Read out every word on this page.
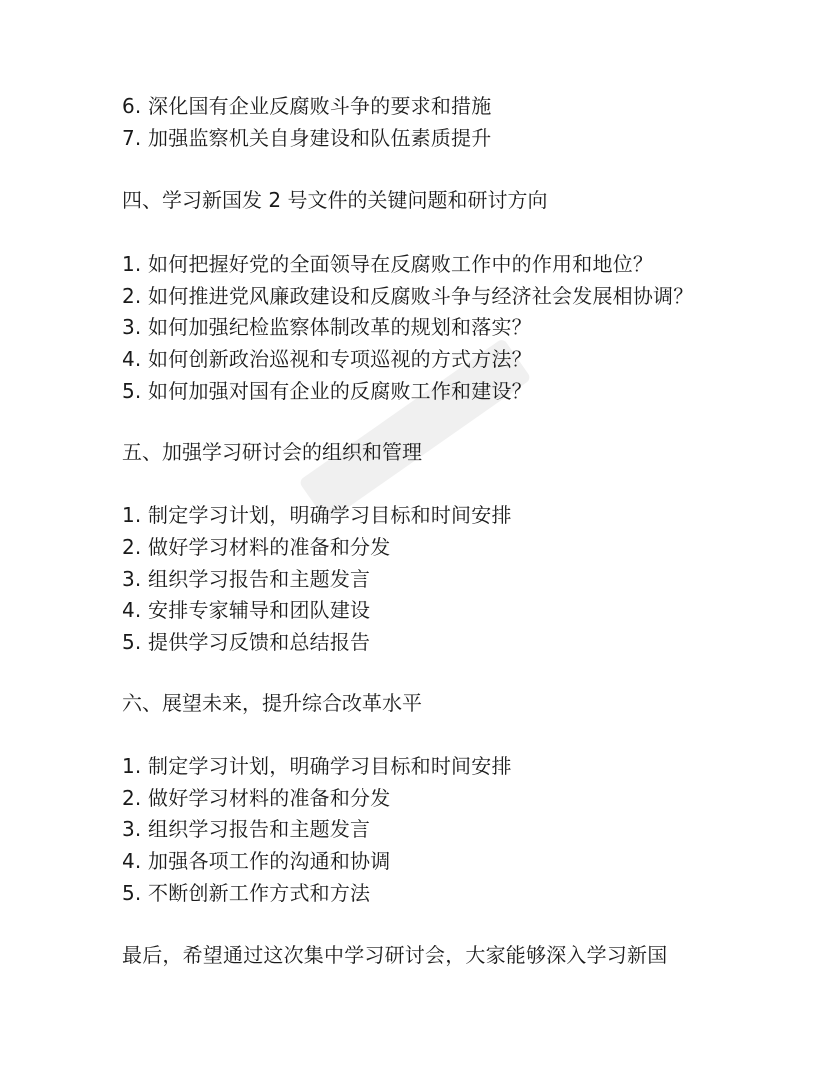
6. 深化国有企业反腐败斗争的要求和措施
7. 加强监察机关自身建设和队伍素质提升
四、学习新国发 2 号文件的关键问题和研讨方向
1. 如何把握好党的全面领导在反腐败工作中的作用和地位？
2. 如何推进党风廉政建设和反腐败斗争与经济社会发展相协调？
3. 如何加强纪检监察体制改革的规划和落实？
4. 如何创新政治巡视和专项巡视的方式方法？
5. 如何加强对国有企业的反腐败工作和建设？
五、加强学习研讨会的组织和管理
1. 制定学习计划，明确学习目标和时间安排
2. 做好学习材料的准备和分发
3. 组织学习报告和主题发言
4. 安排专家辅导和团队建设
5. 提供学习反馈和总结报告
六、展望未来，提升综合改革水平
1. 制定学习计划，明确学习目标和时间安排
2. 做好学习材料的准备和分发
3. 组织学习报告和主题发言
4. 加强各项工作的沟通和协调
5. 不断创新工作方式和方法
最后，希望通过这次集中学习研讨会，大家能够深入学习新国
